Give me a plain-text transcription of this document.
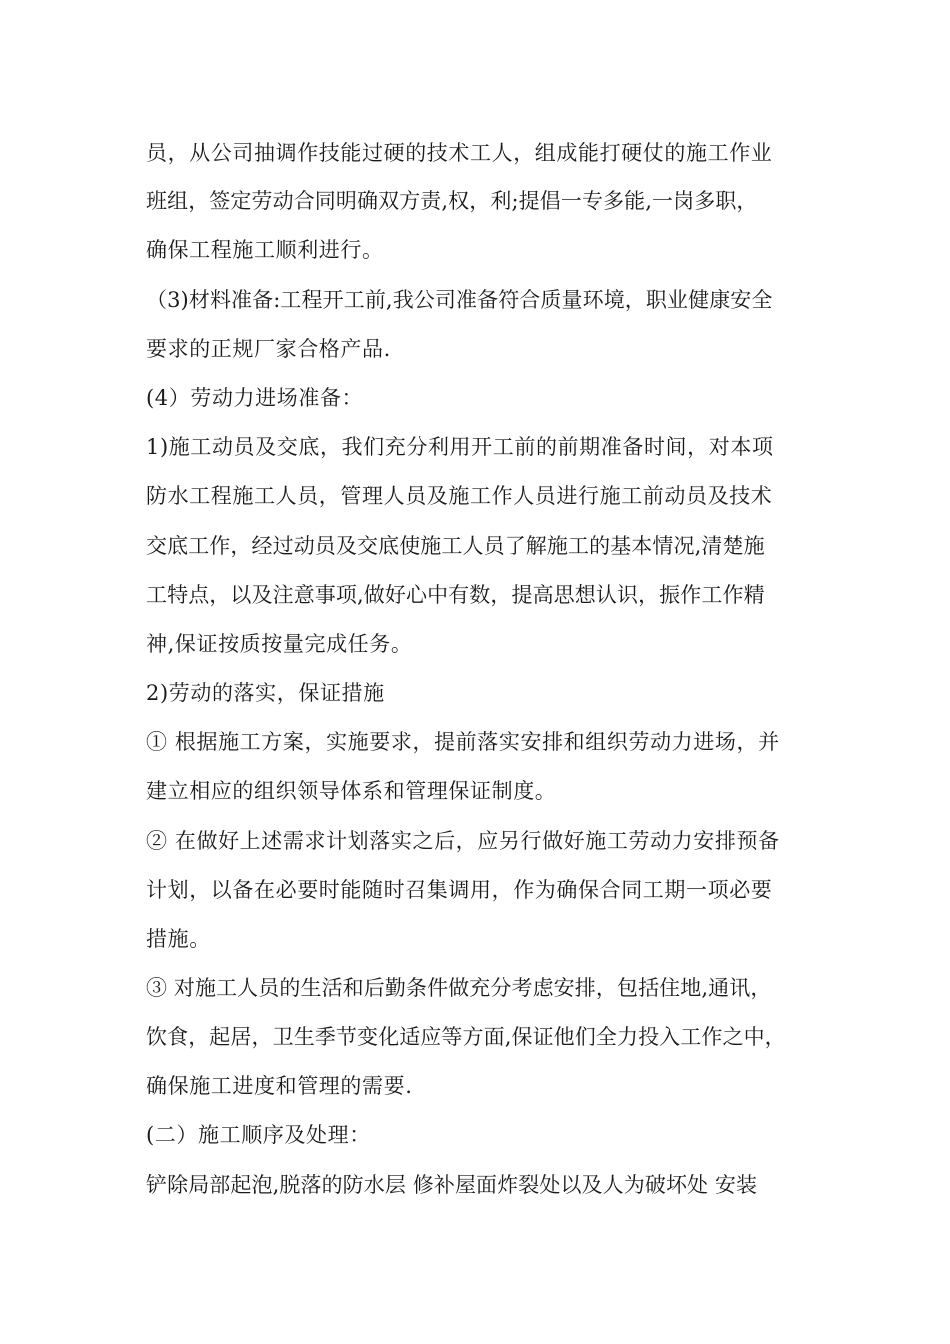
员，从公司抽调作技能过硬的技术工人，组成能打硬仗的施工作业
班组，签定劳动合同明确双方责,权，利;提倡一专多能,一岗多职，
确保工程施工顺利进行。
（3)材料准备:工程开工前,我公司准备符合质量环境，职业健康安全
要求的正规厂家合格产品.
(4）劳动力进场准备：
1)施工动员及交底，我们充分利用开工前的前期准备时间，对本项
防水工程施工人员，管理人员及施工作人员进行施工前动员及技术
交底工作，经过动员及交底使施工人员了解施工的基本情况,清楚施
工特点，以及注意事项,做好心中有数，提高思想认识，振作工作精
神,保证按质按量完成任务。
2)劳动的落实，保证措施
① 根据施工方案，实施要求，提前落实安排和组织劳动力进场，并
建立相应的组织领导体系和管理保证制度。
② 在做好上述需求计划落实之后，应另行做好施工劳动力安排预备
计划，以备在必要时能随时召集调用，作为确保合同工期一项必要
措施。
③ 对施工人员的生活和后勤条件做充分考虑安排，包括住地,通讯，
饮食，起居，卫生季节变化适应等方面,保证他们全力投入工作之中，
确保施工进度和管理的需要.
(二）施工顺序及处理：
铲除局部起泡,脱落的防水层 修补屋面炸裂处以及人为破坏处 安装
